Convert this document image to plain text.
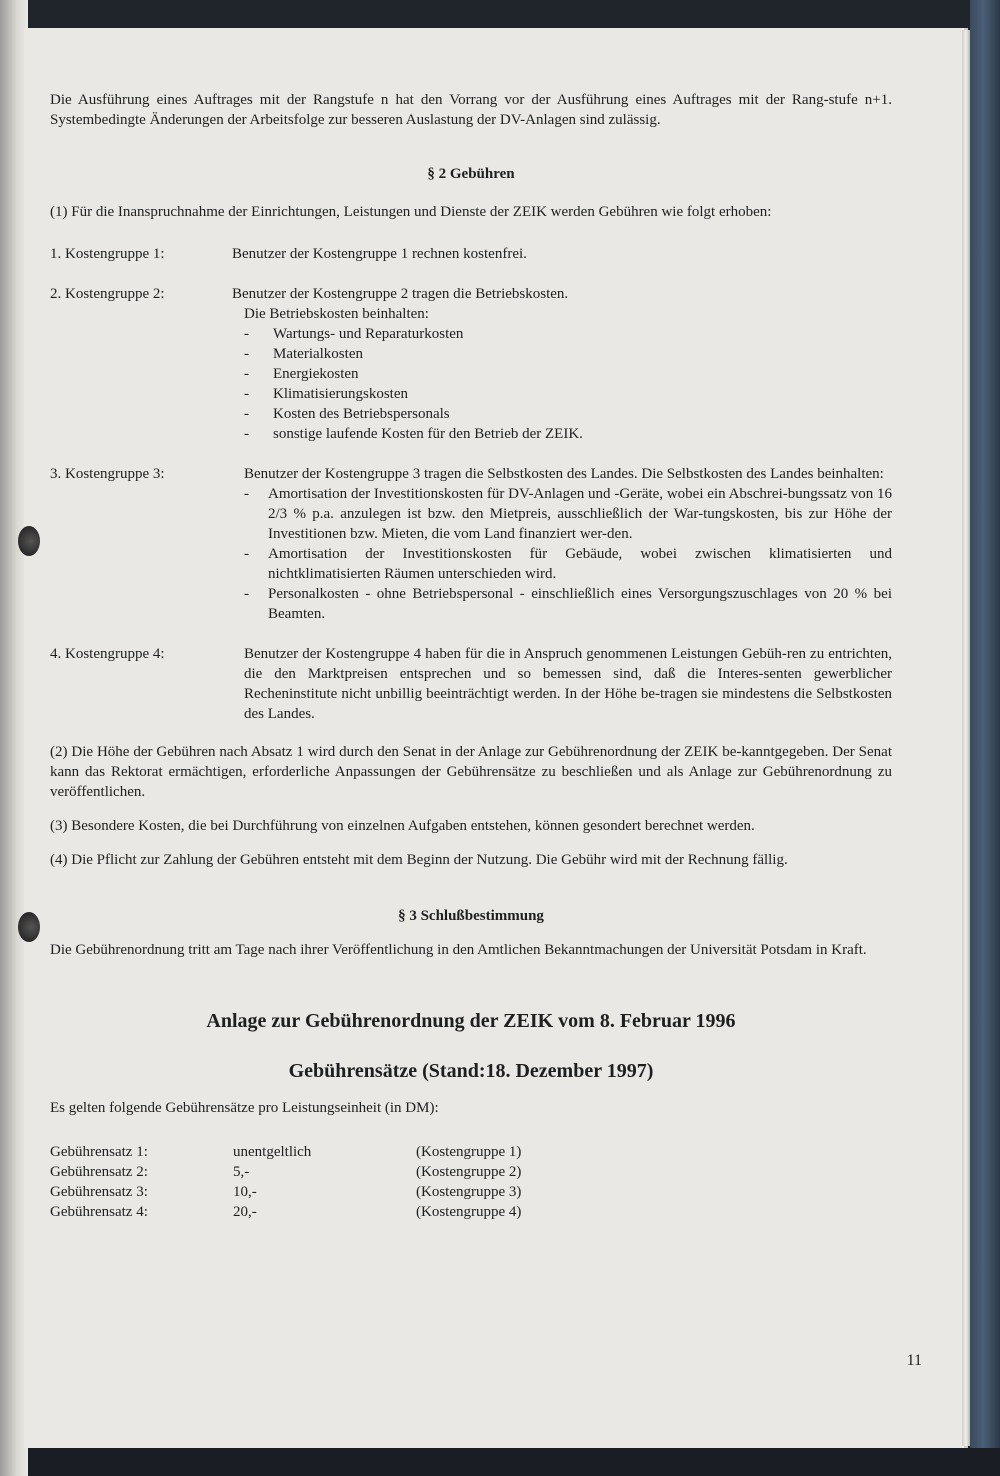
Die Ausführung eines Auftrages mit der Rangstufe n hat den Vorrang vor der Ausführung eines Auftrages mit der Rang-stufe n+1. Systembedingte Änderungen der Arbeitsfolge zur besseren Auslastung der DV-Anlagen sind zulässig.

§ 2 Gebühren

(1) Für die Inanspruchnahme der Einrichtungen, Leistungen und Dienste der ZEIK werden Gebühren wie folgt erhoben:

1. Kostengruppe 1:	Benutzer der Kostengruppe 1 rechnen kostenfrei.
2. Kostengruppe 2:	Benutzer der Kostengruppe 2 tragen die Betriebskosten.
Die Betriebskosten beinhalten:
-	Wartungs- und Reparaturkosten
-	Materialkosten
-	Energiekosten
-	Klimatisierungskosten
-	Kosten des Betriebspersonals
-	sonstige laufende Kosten für den Betrieb der ZEIK.
3. Kostengruppe 3:	Benutzer der Kostengruppe 3 tragen die Selbstkosten des Landes. Die Selbstkosten des Landes beinhalten:

-	Amortisation der Investitionskosten für DV-Anlagen und -Geräte, wobei ein Abschrei-bungssatz von 16 2/3 % p.a. anzulegen ist bzw. den Mietpreis, ausschließlich der War-tungskosten, bis zur Höhe der Investitionen bzw. Mieten, die vom Land finanziert wer-den.
-	Amortisation der Investitionskosten für Gebäude, wobei zwischen klimatisierten und nichtklimatisierten Räumen unterschieden wird.
-	Personalkosten - ohne Betriebspersonal - einschließlich eines Versorgungszuschlages von 20 % bei Beamten.
4. Kostengruppe 4:	Benutzer der Kostengruppe 4 haben für die in Anspruch genommenen Leistungen Gebüh-ren zu entrichten, die den Marktpreisen entsprechen und so bemessen sind, daß die Interes-senten gewerblicher Recheninstitute nicht unbillig beeinträchtigt werden. In der Höhe be-tragen sie mindestens die Selbstkosten des Landes.

(2) Die Höhe der Gebühren nach Absatz 1 wird durch den Senat in der Anlage zur Gebührenordnung der ZEIK be-kanntgegeben. Der Senat kann das Rektorat ermächtigen, erforderliche Anpassungen der Gebührensätze zu beschließen und als Anlage zur Gebührenordnung zu veröffentlichen.

(3) Besondere Kosten, die bei Durchführung von einzelnen Aufgaben entstehen, können gesondert berechnet werden.

(4) Die Pflicht zur Zahlung der Gebühren entsteht mit dem Beginn der Nutzung. Die Gebühr wird mit der Rechnung fällig.

§ 3 Schlußbestimmung

Die Gebührenordnung tritt am Tage nach ihrer Veröffentlichung in den Amtlichen Bekanntmachungen der Universität Potsdam in Kraft.

Anlage zur Gebührenordnung der ZEIK vom 8. Februar 1996
Gebührensätze (Stand:18. Dezember 1997)

Es gelten folgende Gebührensätze pro Leistungseinheit (in DM):

Gebührensatz 1:	unentgeltlich	(Kostengruppe 1)
Gebührensatz 2:	5,-	(Kostengruppe 2)
Gebührensatz 3:	10,-	(Kostengruppe 3)
Gebührensatz 4:	20,-	(Kostengruppe 4)
11
